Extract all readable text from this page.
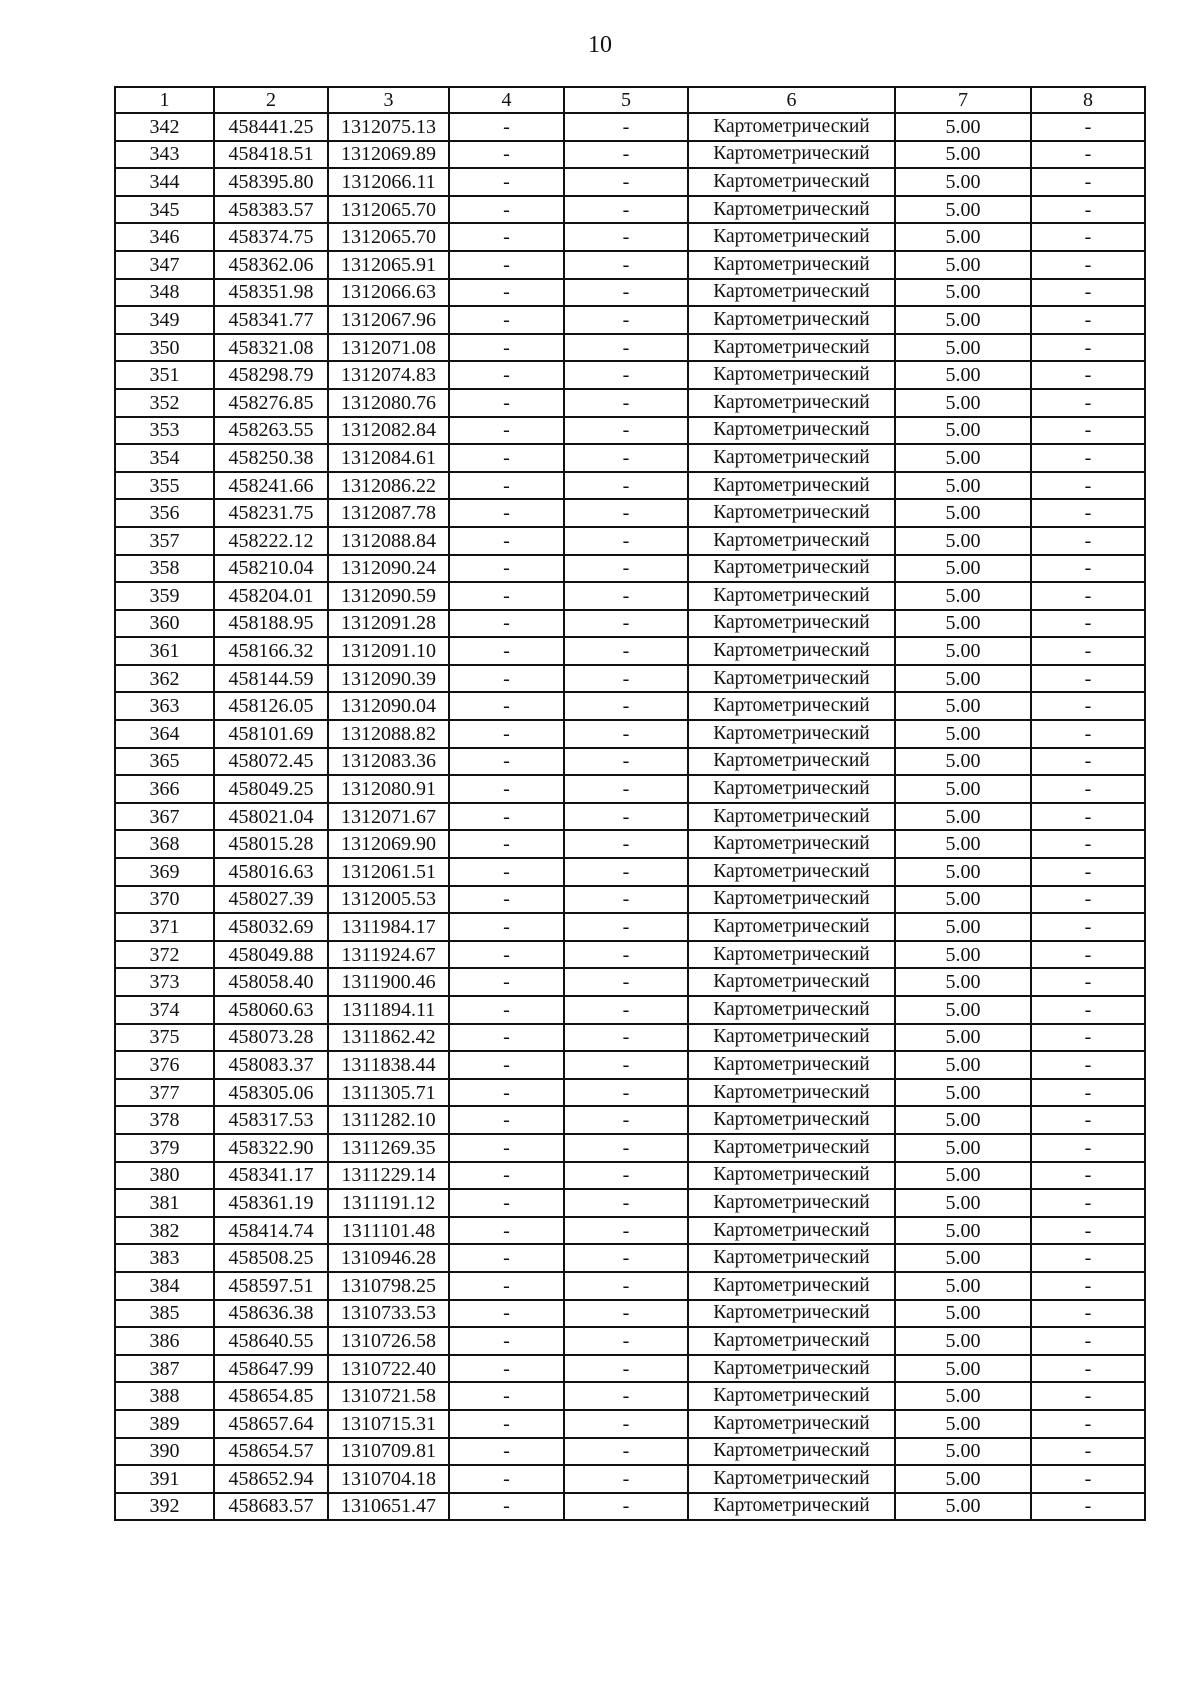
10
1	2	3	4	5	6	7	8
342	458441.25	1312075.13	-	-	Картометрический	5.00	-
343	458418.51	1312069.89	-	-	Картометрический	5.00	-
344	458395.80	1312066.11	-	-	Картометрический	5.00	-
345	458383.57	1312065.70	-	-	Картометрический	5.00	-
346	458374.75	1312065.70	-	-	Картометрический	5.00	-
347	458362.06	1312065.91	-	-	Картометрический	5.00	-
348	458351.98	1312066.63	-	-	Картометрический	5.00	-
349	458341.77	1312067.96	-	-	Картометрический	5.00	-
350	458321.08	1312071.08	-	-	Картометрический	5.00	-
351	458298.79	1312074.83	-	-	Картометрический	5.00	-
352	458276.85	1312080.76	-	-	Картометрический	5.00	-
353	458263.55	1312082.84	-	-	Картометрический	5.00	-
354	458250.38	1312084.61	-	-	Картометрический	5.00	-
355	458241.66	1312086.22	-	-	Картометрический	5.00	-
356	458231.75	1312087.78	-	-	Картометрический	5.00	-
357	458222.12	1312088.84	-	-	Картометрический	5.00	-
358	458210.04	1312090.24	-	-	Картометрический	5.00	-
359	458204.01	1312090.59	-	-	Картометрический	5.00	-
360	458188.95	1312091.28	-	-	Картометрический	5.00	-
361	458166.32	1312091.10	-	-	Картометрический	5.00	-
362	458144.59	1312090.39	-	-	Картометрический	5.00	-
363	458126.05	1312090.04	-	-	Картометрический	5.00	-
364	458101.69	1312088.82	-	-	Картометрический	5.00	-
365	458072.45	1312083.36	-	-	Картометрический	5.00	-
366	458049.25	1312080.91	-	-	Картометрический	5.00	-
367	458021.04	1312071.67	-	-	Картометрический	5.00	-
368	458015.28	1312069.90	-	-	Картометрический	5.00	-
369	458016.63	1312061.51	-	-	Картометрический	5.00	-
370	458027.39	1312005.53	-	-	Картометрический	5.00	-
371	458032.69	1311984.17	-	-	Картометрический	5.00	-
372	458049.88	1311924.67	-	-	Картометрический	5.00	-
373	458058.40	1311900.46	-	-	Картометрический	5.00	-
374	458060.63	1311894.11	-	-	Картометрический	5.00	-
375	458073.28	1311862.42	-	-	Картометрический	5.00	-
376	458083.37	1311838.44	-	-	Картометрический	5.00	-
377	458305.06	1311305.71	-	-	Картометрический	5.00	-
378	458317.53	1311282.10	-	-	Картометрический	5.00	-
379	458322.90	1311269.35	-	-	Картометрический	5.00	-
380	458341.17	1311229.14	-	-	Картометрический	5.00	-
381	458361.19	1311191.12	-	-	Картометрический	5.00	-
382	458414.74	1311101.48	-	-	Картометрический	5.00	-
383	458508.25	1310946.28	-	-	Картометрический	5.00	-
384	458597.51	1310798.25	-	-	Картометрический	5.00	-
385	458636.38	1310733.53	-	-	Картометрический	5.00	-
386	458640.55	1310726.58	-	-	Картометрический	5.00	-
387	458647.99	1310722.40	-	-	Картометрический	5.00	-
388	458654.85	1310721.58	-	-	Картометрический	5.00	-
389	458657.64	1310715.31	-	-	Картометрический	5.00	-
390	458654.57	1310709.81	-	-	Картометрический	5.00	-
391	458652.94	1310704.18	-	-	Картометрический	5.00	-
392	458683.57	1310651.47	-	-	Картометрический	5.00	-
